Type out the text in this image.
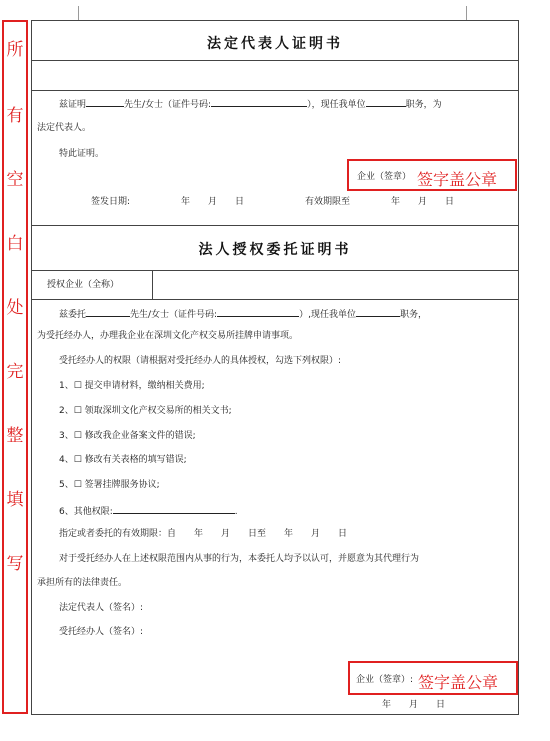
所
有
空
白
处
完
整
填
写
法定代表人证明书
兹证明	先生/女士（证件号码:	），现任我单位	职务，为
法定代表人。
特此证明。
企业（签章） 签字盖公章
签发日期:	年　　月　　日	有效期限至	年　　月　　日
法人授权委托证明书
授权企业（全称）
兹委托	先生/女士（证件号码:	）,现任我单位	职务，
为受托经办人，办理我企业在深圳文化产权交易所挂牌申请事项。
受托经办人的权限（请根据对受托经办人的具体授权，勾选下列权限）:
1、☐ 提交申请材料，缴纳相关费用;
2、☐ 领取深圳文化产权交易所的相关文书;
3、☐ 修改我企业备案文件的错误;
4、☐ 修改有关表格的填写错误;
5、☐ 签署挂牌服务协议;
6、其他权限:	.
指定或者委托的有效期限：自　　年　　月　　日至　　年　　月　　日
对于受托经办人在上述权限范围内从事的行为，本委托人均予以认可，并愿意为其代理行为
承担所有的法律责任。
法定代表人（签名）:
受托经办人（签名）:
企业（签章）: 签字盖公章
年　　月　　日
